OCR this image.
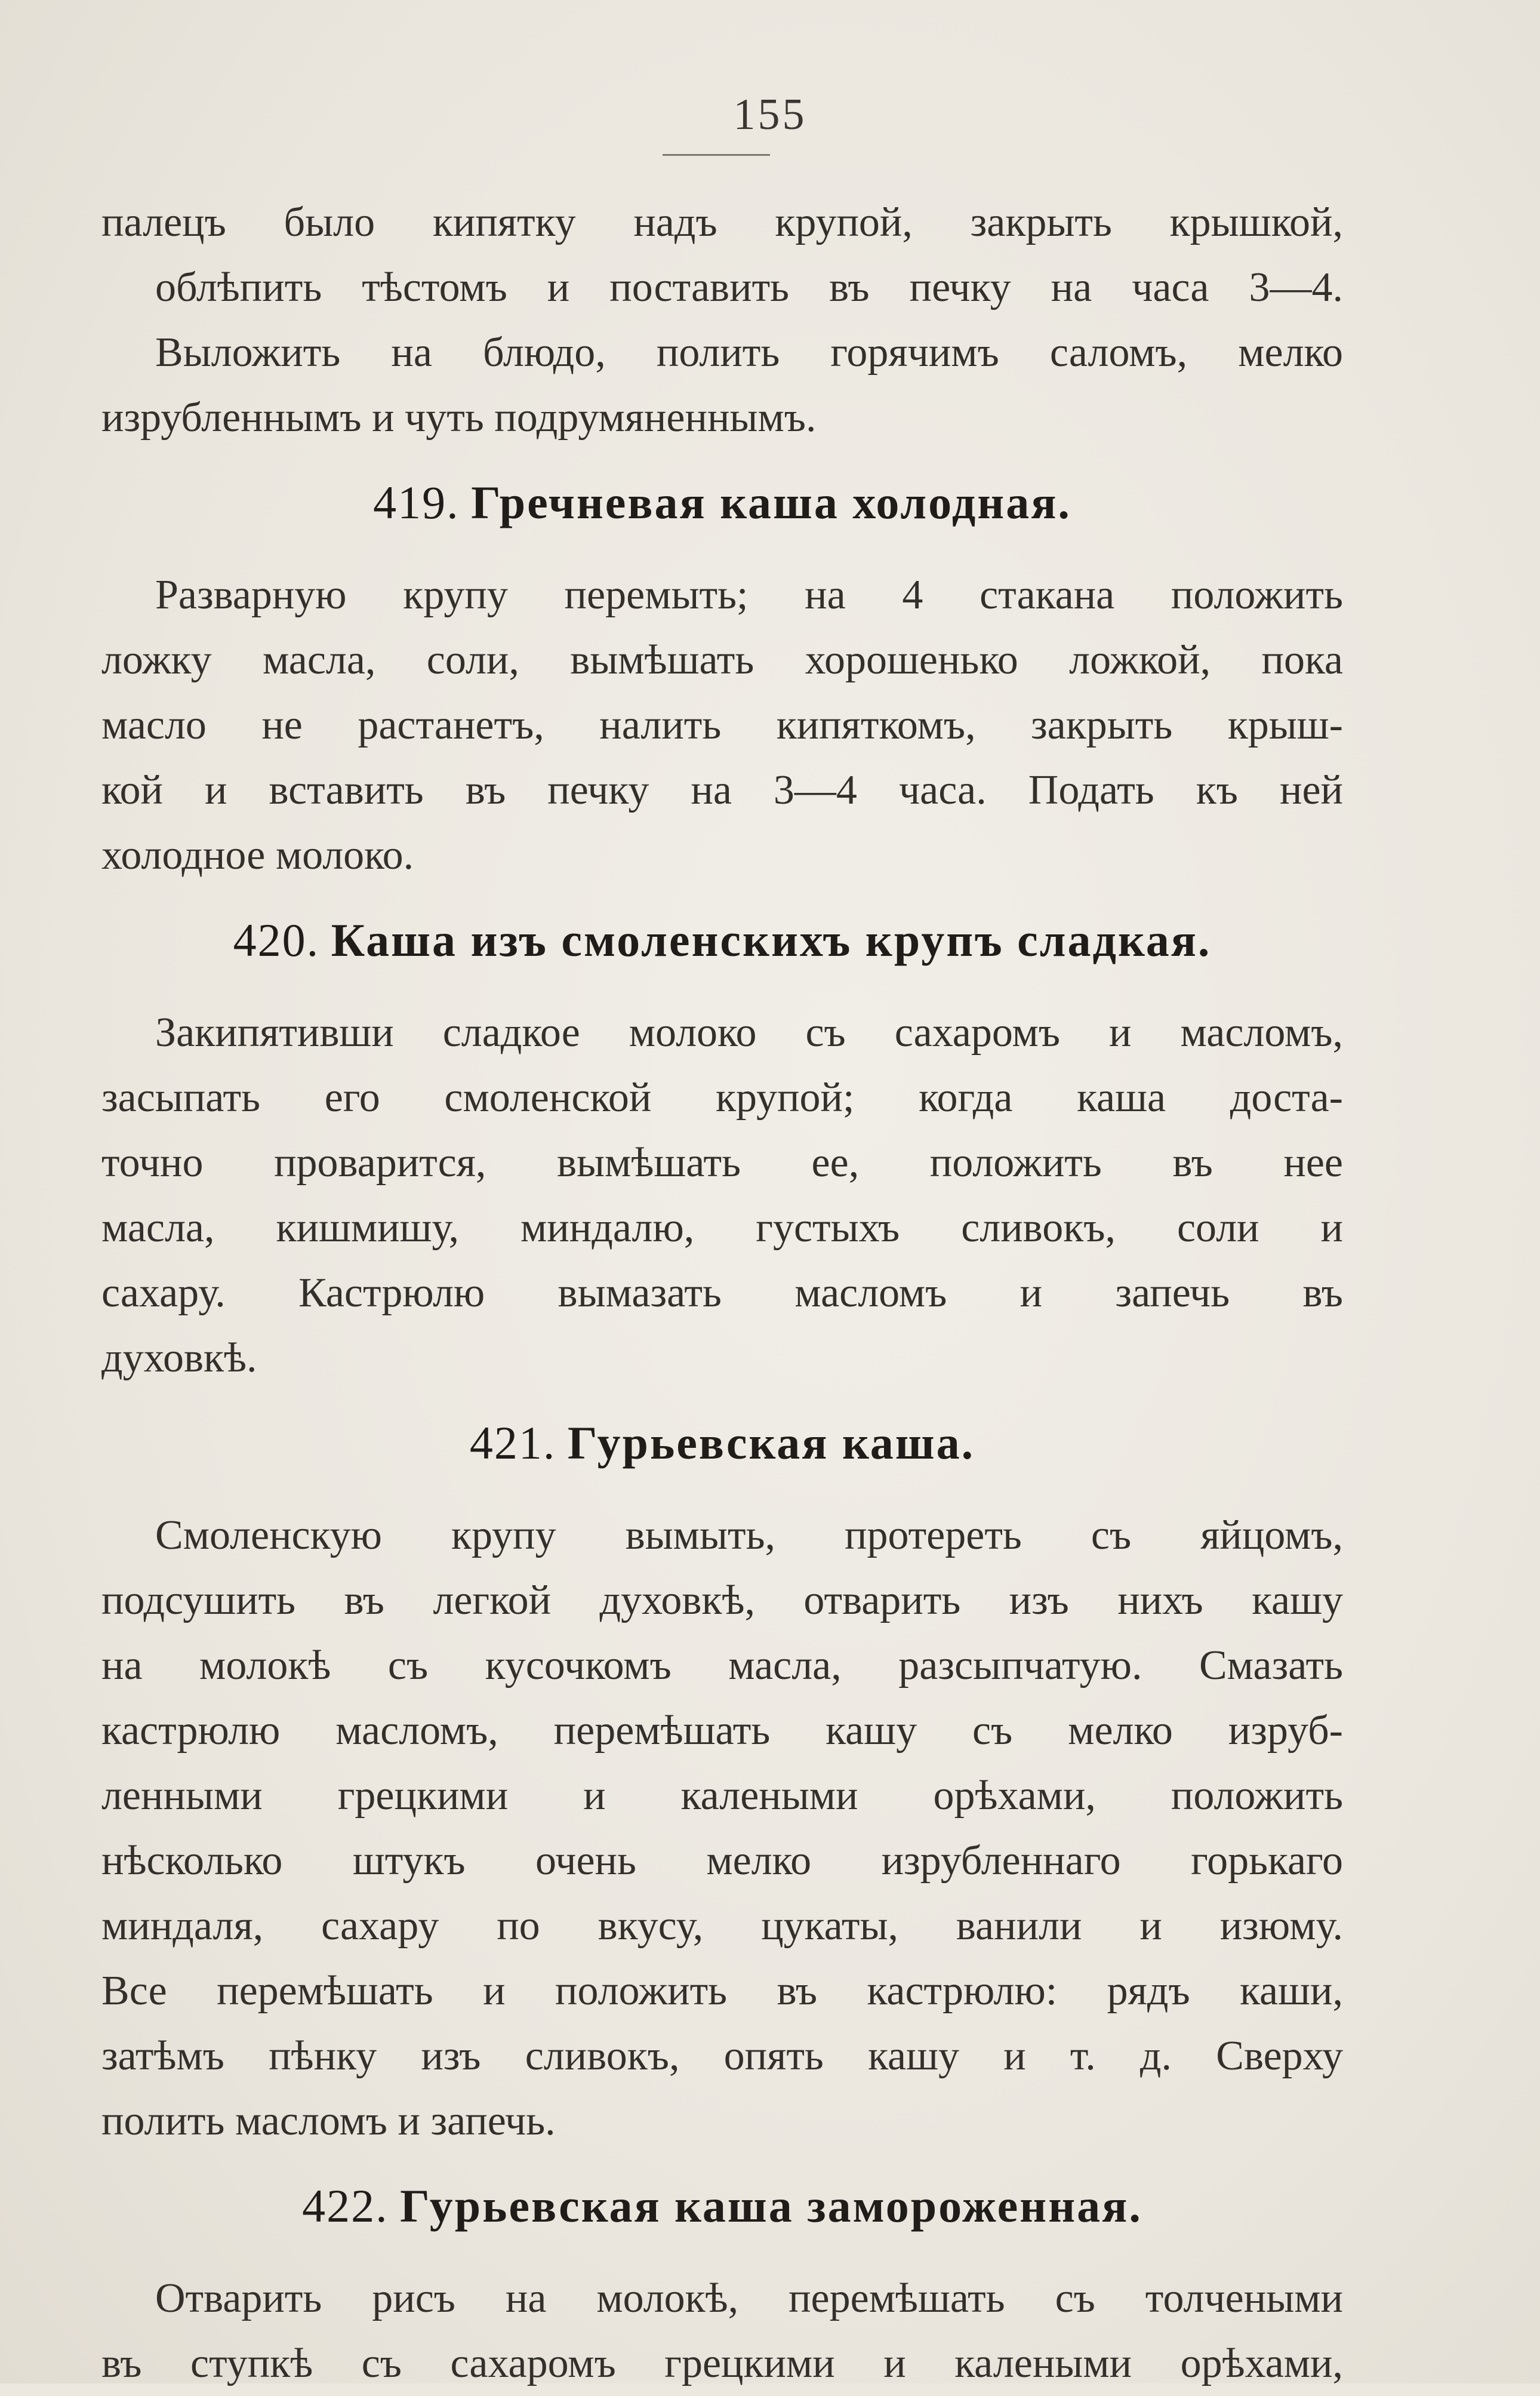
155
палецъ было кипятку надъ крупой, закрыть крышкой,
облѣпить тѣстомъ и поставить въ печку на часа 3—4.
Выложить на блюдо, полить горячимъ саломъ, мелко
изрубленнымъ и чуть подрумяненнымъ.
419. Гречневая каша холодная.
Разварную крупу перемыть; на 4 стакана положить
ложку масла, соли, вымѣшать хорошенько ложкой, пока
масло не растанетъ, налить кипяткомъ, закрыть крыш-
кой и вставить въ печку на 3—4 часа. Подать къ ней
холодное молоко.
420. Каша изъ смоленскихъ крупъ сладкая.
Закипятивши сладкое молоко съ сахаромъ и масломъ,
засыпать его смоленской крупой; когда каша доста-
точно проварится, вымѣшать ее, положить въ нее
масла, кишмишу, миндалю, густыхъ сливокъ, соли и
сахару. Кастрюлю вымазать масломъ и запечь въ
духовкѣ.
421. Гурьевская каша.
Смоленскую крупу вымыть, протереть съ яйцомъ,
подсушить въ легкой духовкѣ, отварить изъ нихъ кашу
на молокѣ съ кусочкомъ масла, разсыпчатую. Смазать
кастрюлю масломъ, перемѣшать кашу съ мелко изруб-
ленными грецкими и калеными орѣхами, положить
нѣсколько штукъ очень мелко изрубленнаго горькаго
миндаля, сахару по вкусу, цукаты, ванили и изюму.
Все перемѣшать и положить въ кастрюлю: рядъ каши,
затѣмъ пѣнку изъ сливокъ, опять кашу и т. д. Сверху
полить масломъ и запечь.
422. Гурьевская каша замороженная.
Отварить рисъ на молокѣ, перемѣшать съ толчеными
въ ступкѣ съ сахаромъ грецкими и калеными орѣхами,
